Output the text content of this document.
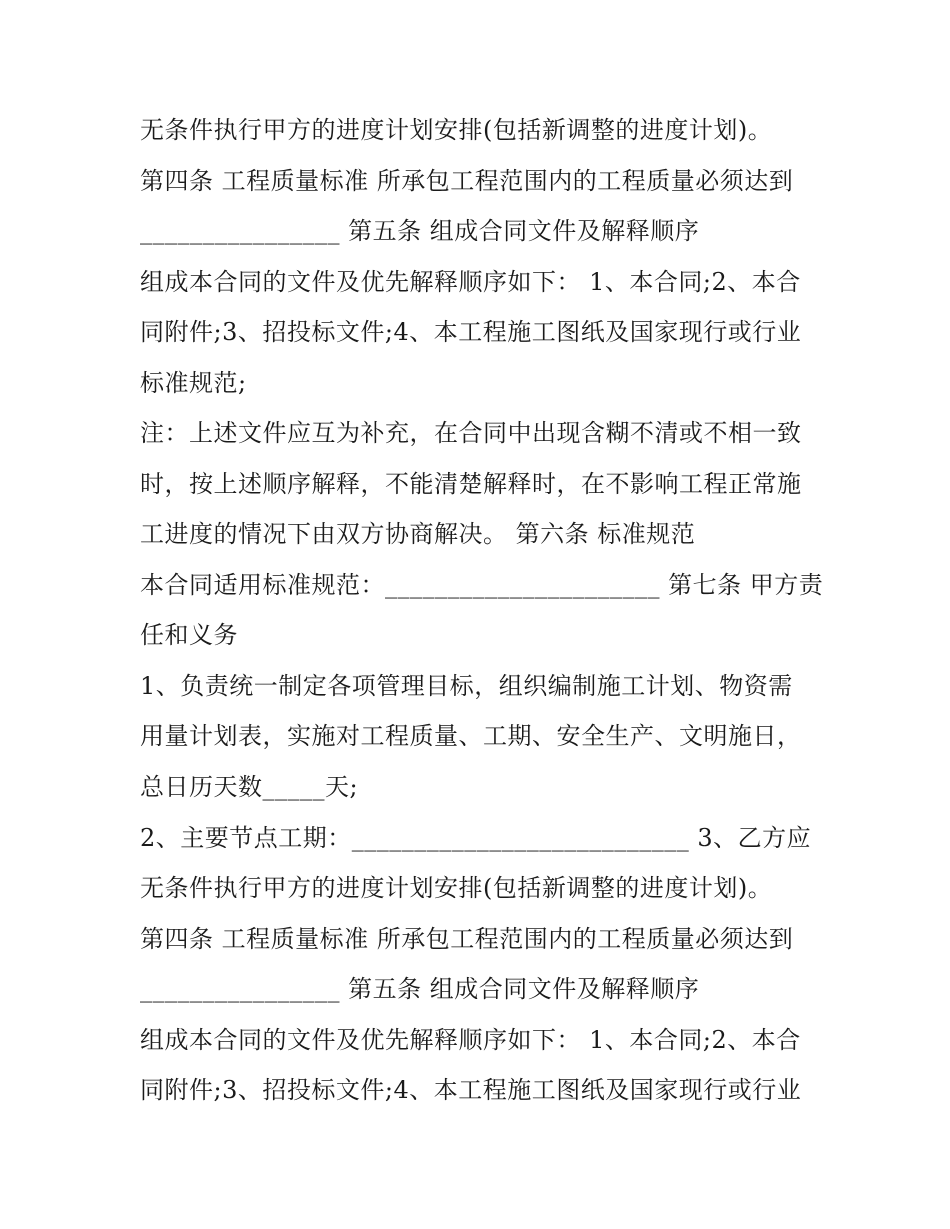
无条件执行甲方的进度计划安排(包括新调整的进度计划)。
第四条 工程质量标准 所承包工程范围内的工程质量必须达到
________________ 第五条 组成合同文件及解释顺序
组成本合同的文件及优先解释顺序如下： 1、本合同;2、本合
同附件;3、招投标文件;4、本工程施工图纸及国家现行或行业
标准规范;
注：上述文件应互为补充，在合同中出现含糊不清或不相一致
时，按上述顺序解释，不能清楚解释时，在不影响工程正常施
工进度的情况下由双方协商解决。 第六条 标准规范
本合同适用标准规范：______________________ 第七条 甲方责
任和义务
1、负责统一制定各项管理目标，组织编制施工计划、物资需
用量计划表，实施对工程质量、工期、安全生产、文明施日，
总日历天数_____天;
2、主要节点工期：___________________________ 3、乙方应
无条件执行甲方的进度计划安排(包括新调整的进度计划)。
第四条 工程质量标准 所承包工程范围内的工程质量必须达到
________________ 第五条 组成合同文件及解释顺序
组成本合同的文件及优先解释顺序如下： 1、本合同;2、本合
同附件;3、招投标文件;4、本工程施工图纸及国家现行或行业
